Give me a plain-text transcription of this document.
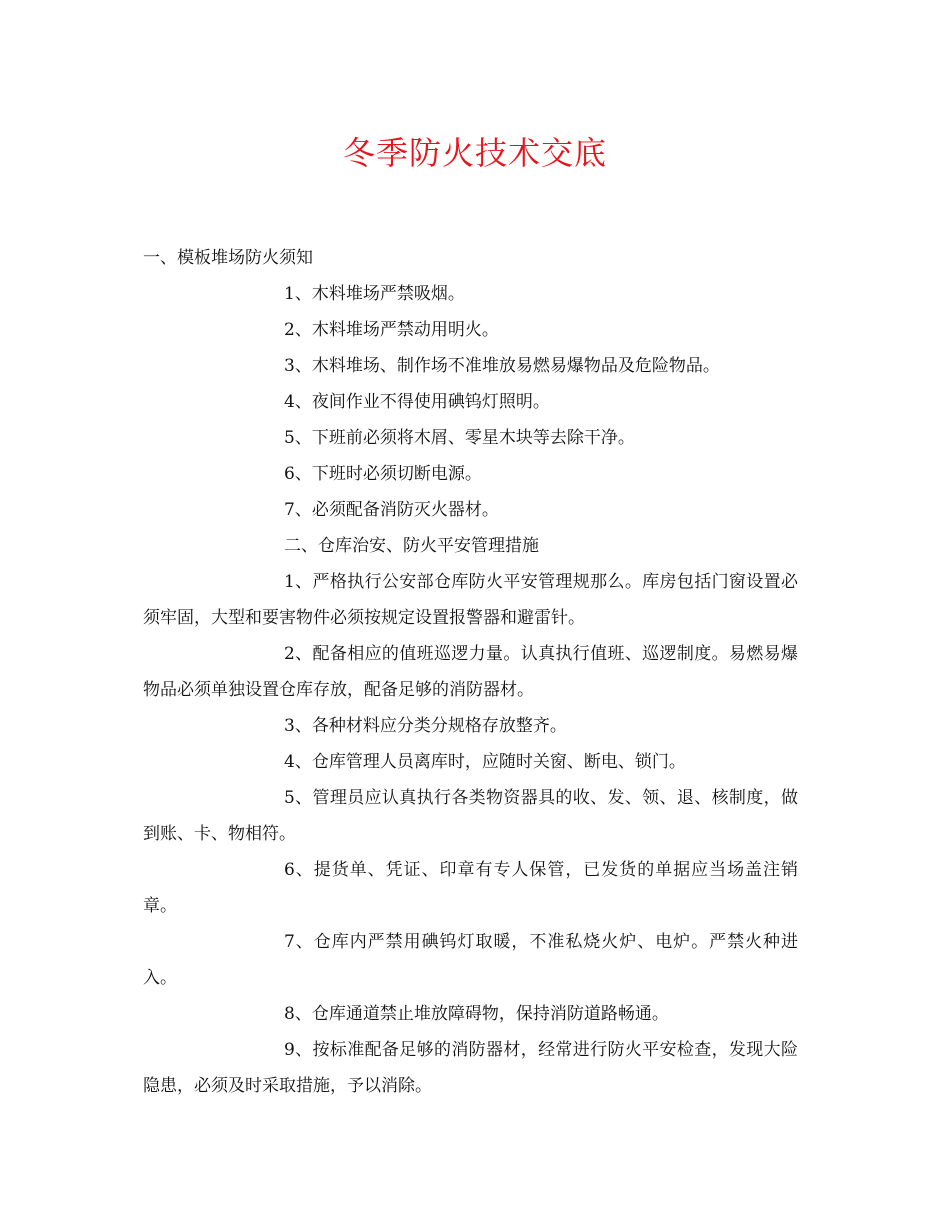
冬季防火技术交底

一、模板堆场防火须知

1、木料堆场严禁吸烟。

2、木料堆场严禁动用明火。

3、木料堆场、制作场不准堆放易燃易爆物品及危险物品。

4、夜间作业不得使用碘钨灯照明。

5、下班前必须将木屑、零星木块等去除干净。

6、下班时必须切断电源。

7、必须配备消防灭火器材。

二、仓库治安、防火平安管理措施

1、严格执行公安部仓库防火平安管理规那么。库房包括门窗设置必须牢固，大型和要害物件必须按规定设置报警器和避雷针。

2、配备相应的值班巡逻力量。认真执行值班、巡逻制度。易燃易爆物品必须单独设置仓库存放，配备足够的消防器材。

3、各种材料应分类分规格存放整齐。

4、仓库管理人员离库时，应随时关窗、断电、锁门。

5、管理员应认真执行各类物资器具的收、发、领、退、核制度，做到账、卡、物相符。

6、提货单、凭证、印章有专人保管，已发货的单据应当场盖注销章。

7、仓库内严禁用碘钨灯取暖，不准私烧火炉、电炉。严禁火种进入。

8、仓库通道禁止堆放障碍物，保持消防道路畅通。

9、按标准配备足够的消防器材，经常进行防火平安检查，发现大险隐患，必须及时采取措施，予以消除。
